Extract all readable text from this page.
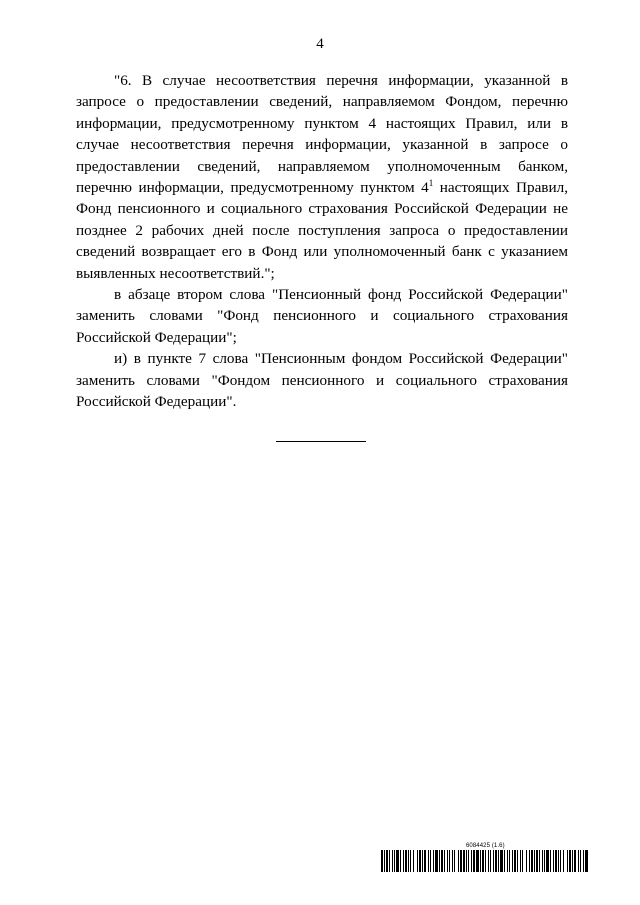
4

"6. В случае несоответствия перечня информации, указанной в запросе о предоставлении сведений, направляемом Фондом, перечню информации, предусмотренному пунктом 4 настоящих Правил, или в случае несоответствия перечня информации, указанной в запросе о предоставлении сведений, направляемом уполномоченным банком, перечню информации, предусмотренному пунктом $4^1$ настоящих Правил, Фонд пенсионного и социального страхования Российской Федерации не позднее 2 рабочих дней после поступления запроса о предоставлении сведений возвращает его в Фонд или уполномоченный банк с указанием выявленных несоответствий.";

в абзаце втором слова "Пенсионный фонд Российской Федерации" заменить словами "Фонд пенсионного и социального страхования Российской Федерации";

и) в пункте 7 слова "Пенсионным фондом Российской Федерации" заменить словами "Фондом пенсионного и социального страхования Российской Федерации".

6084425 (1.6)
